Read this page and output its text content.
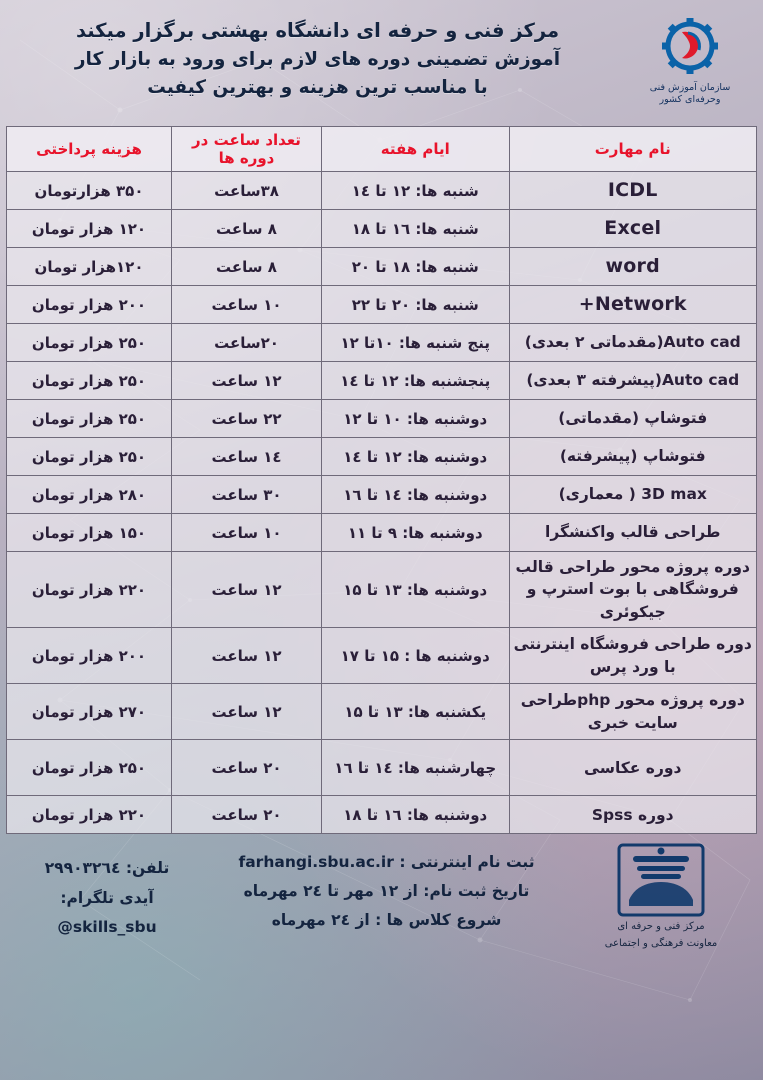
سازمان آموزش فنی وحرفه‌ای کشور
مرکز فنی و حرفه ای دانشگاه بهشتی برگزار میکند
آموزش تضمینی دوره های لازم برای ورود به بازار کار
با مناسب ترین هزینه و بهترین کیفیت
نام مهارت	ایام هفته	تعداد ساعت در دوره ها	هزینه پرداختی
ICDL	شنبه ها: ۱۲ تا ۱٤	۳۸ساعت	۳۵۰ هزارتومان
Excel	شنبه ها: ۱٦ تا ۱۸	۸ ساعت	۱۲۰ هزار تومان
word	شنبه ها: ۱۸ تا ۲۰	۸ ساعت	۱۲۰هزار تومان
Network+	شنبه ها: ۲۰ تا ۲۲	۱۰ ساعت	۲۰۰ هزار تومان
Auto cad(مقدماتی ۲ بعدی)	پنج شنبه ها: ۱۰تا ۱۲	۲۰ساعت	۲۵۰ هزار تومان
Auto cad(پیشرفته ۳ بعدی)	پنجشنبه ها: ۱۲ تا ۱٤	۱۲ ساعت	۲۵۰ هزار تومان
فتوشاپ (مقدماتی)	دوشنبه ها: ۱۰ تا ۱۲	۲۲ ساعت	۲۵۰ هزار تومان
فتوشاپ (پیشرفته)	دوشنبه ها: ۱۲ تا ۱٤	۱٤ ساعت	۲۵۰ هزار تومان
3D max ( معماری)	دوشنبه ها: ۱٤ تا ۱٦	۳۰ ساعت	۲۸۰ هزار تومان
طراحی قالب واکنشگرا	دوشنبه ها: ۹ تا ۱۱	۱۰ ساعت	۱۵۰ هزار تومان
دوره پروژه محور طراحی قالب فروشگاهی با بوت استرپ و جیکوئری	دوشنبه ها: ۱۳ تا ۱۵	۱۲ ساعت	۲۲۰ هزار تومان
دوره طراحی فروشگاه اینترنتی با ورد پرس	دوشنبه ها : ۱۵ تا ۱۷	۱۲ ساعت	۲۰۰ هزار تومان
دوره پروژه محور phpطراحی سایت خبری	یکشنبه ها: ۱۳ تا ۱۵	۱۲ ساعت	۲۷۰ هزار تومان
دوره عکاسی	چهارشنبه ها: ۱٤ تا ۱٦	۲۰ ساعت	۲۵۰ هزار تومان
دوره Spss	دوشنبه ها: ۱٦ تا ۱۸	۲۰ ساعت	۲۲۰ هزار تومان
مرکز فنی و حرفه ای
معاونت فرهنگی و اجتماعی
ثبت نام اینترنتی : farhangi.sbu.ac.ir
تاریخ ثبت نام: از ۱۲ مهر تا ۲٤ مهرماه
شروع کلاس ها : از ۲٤ مهرماه
تلفن: ۲۹۹۰۳۲٦٤
آیدی تلگرام: @skills_sbu
